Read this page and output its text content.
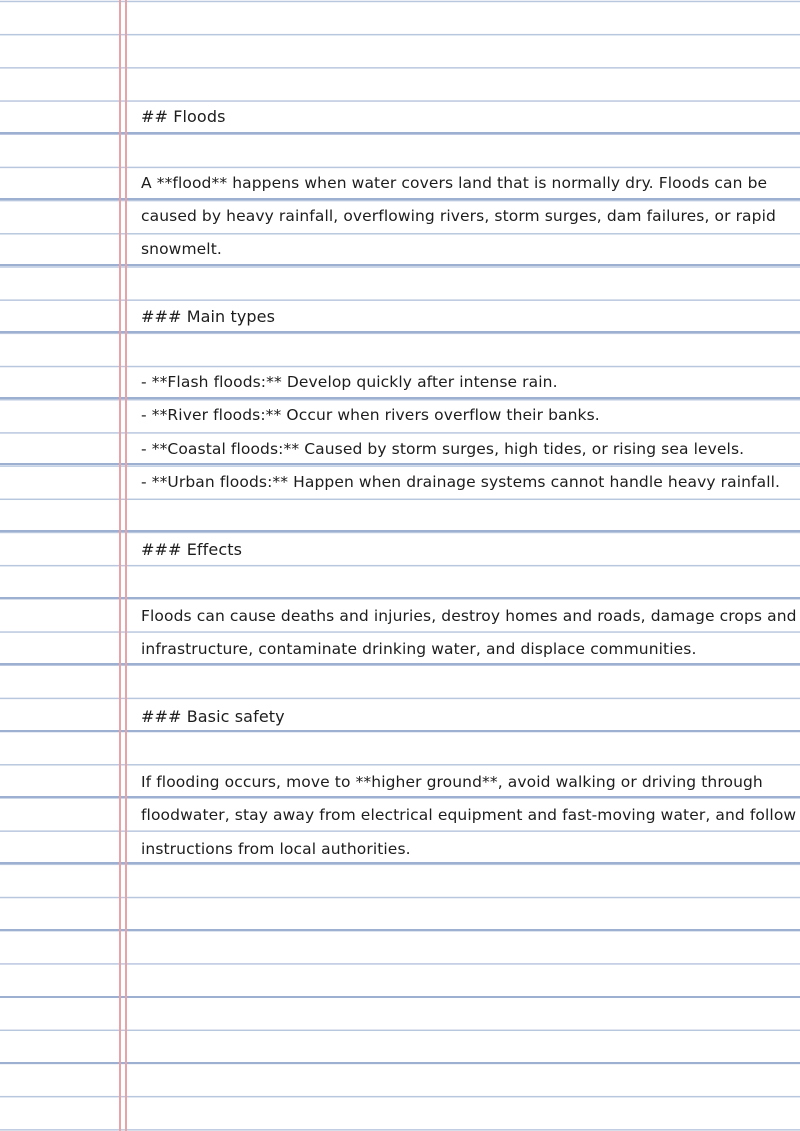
## Floods
A **flood** happens when water covers land that is normally dry. Floods can be
caused by heavy rainfall, overflowing rivers, storm surges, dam failures, or rapid
snowmelt.
### Main types
- **Flash floods:** Develop quickly after intense rain.
- **River floods:** Occur when rivers overflow their banks.
- **Coastal floods:** Caused by storm surges, high tides, or rising sea levels.
- **Urban floods:** Happen when drainage systems cannot handle heavy rainfall.
### Effects
Floods can cause deaths and injuries, destroy homes and roads, damage crops and
infrastructure, contaminate drinking water, and displace communities.
### Basic safety
If flooding occurs, move to **higher ground**, avoid walking or driving through
floodwater, stay away from electrical equipment and fast-moving water, and follow
instructions from local authorities.
